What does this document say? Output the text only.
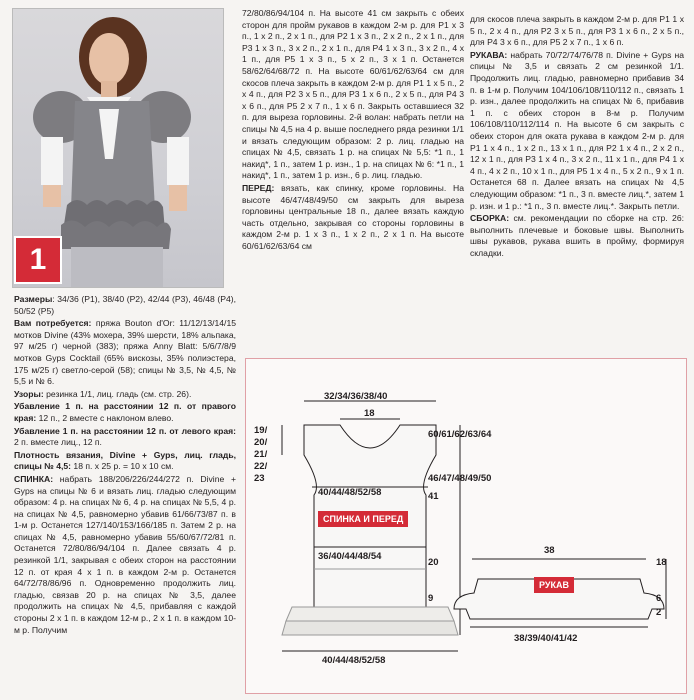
1

Размеры: 34/36 (P1), 38/40 (P2), 42/44 (P3), 46/48 (P4), 50/52 (P5)

Вам потребуется: пряжа Bouton d'Or: 11/12/13/14/15 мотков Divine (43% мохера, 39% шерсти, 18% альпака, 97 м/25 г) черной (383); пряжа Anny Blatt: 5/6/7/8/9 мотков Gyps Cocktail (65% вискозы, 35% полиэстера, 175 м/25 г) светло-серой (58); спицы № 3,5, № 4,5, № 5,5 и № 6.

Узоры: резинка 1/1, лиц. гладь (см. стр. 26).

Убавление 1 п. на расстоянии 12 п. от правого края: 12 п., 2 вместе с наклоном влево.

Убавление 1 п. на расстоянии 12 п. от левого края: 2 п. вместе лиц., 12 п.

Плотность вязания, Divine + Gyps, лиц. гладь, спицы № 4,5: 18 п. x 25 р. = 10 x 10 см.

СПИНКА: набрать 188/206/226/244/272 п. Divine + Gyps на спицы № 6 и вязать лиц. гладью следующим образом: 4 р. на спицах № 6, 4 р. на спицах № 5,5, 4 р. на спицах № 4,5, равномерно убавив 61/66/73/87 п. в 1-м р. Останется 127/140/153/166/185 п. Затем 2 р. на спицах № 4,5, равномерно убавив 55/60/67/72/81 п. Останется 72/80/86/94/104 п. Далее связать 4 р. резинкой 1/1, закрывая с обеих сторон на расстоянии 12 п. от края 4 x 1 п. в каждом 2-м р. Останется 64/72/78/86/96 п. Одновременно продолжить лиц. гладью, связав 20 р. на спицах № 3,5, далее продолжить на спицах № 4,5, прибавляя с каждой стороны 2 x 1 п. в каждом 12-м р., 2 x 1 п. в каждом 10-м р. Получим

72/80/86/94/104 п. На высоте 41 см закрыть с обеих сторон для пройм рукавов в каждом 2-м р. для P1 x 3 п., 1 x 2 п., 2 x 1 п., для P2 1 x 3 п., 2 x 2 п., 2 x 1 п., для P3 1 x 3 п., 3 x 2 п., 2 x 1 п., для P4 1 x 3 п., 3 x 2 п., 4 x 1 п., для P5 1 x 3 п., 5 x 2 п., 3 x 1 п. Останется 58/62/64/68/72 п. На высоте 60/61/62/63/64 см для скосов плеча закрыть в каждом 2-м р. для P1 1 x 5 п., 2 x 4 п., для P2 3 x 5 п., для P3 1 x 6 п., 2 x 5 п., для P4 3 x 6 п., для P5 2 x 7 п., 1 x 6 п. Закрыть оставшиеся 32 п. для выреза горловины. 2-й волан: набрать петли на спицы № 4,5 на 4 р. выше последнего ряда резинки 1/1 и вязать следующим образом: 2 р. лиц. гладью на спицах № 4,5, связать 1 р. на спицах № 5,5: *1 п., 1 накид*, 1 п., затем 1 р. изн., 1 р. на спицах № 6: *1 п., 1 накид*, 1 п., затем 1 р. изн., 6 р. лиц. гладью.

ПЕРЕД: вязать, как спинку, кроме горловины. На высоте 46/47/48/49/50 см закрыть для выреза горловины центральные 18 п., далее вязать каждую часть отдельно, закрывая со стороны горловины в каждом 2-м р. 1 x 3 п., 1 x 2 п., 2 x 1 п. На высоте 60/61/62/63/64 см

для скосов плеча закрыть в каждом 2-м р. для P1 1 x 5 п., 2 x 4 п., для P2 3 x 5 п., для P3 1 x 6 п., 2 x 5 п., для P4 3 x 6 п., для P5 2 x 7 п., 1 x 6 п.

РУКАВА: набрать 70/72/74/76/78 п. Divine + Gyps на спицы № 3,5 и связать 2 см резинкой 1/1. Продолжить лиц. гладью, равномерно прибавив 34 п. в 1-м р. Получим 104/106/108/110/112 п., связать 1 р. изн., далее продолжить на спицах № 6, прибавив 1 п. с обеих сторон в 8-м р. Получим 106/108/110/112/114 п. На высоте 6 см закрыть с обеих сторон для оката рукава в каждом 2-м р. для P1 1 x 4 п., 1 x 2 п., 13 x 1 п., для P2 1 x 4 п., 2 x 2 п., 12 x 1 п., для P3 1 x 4 п., 3 x 2 п., 11 x 1 п., для P4 1 x 4 п., 4 x 2 п., 10 x 1 п., для P5 1 x 4 п., 5 x 2 п., 9 x 1 п. Останется 68 п. Далее вязать на спицах № 4,5 следующим образом: *1 п., 3 п. вместе лиц.*, затем 1 р. изн. и 1 р.: *1 п., 3 п. вместе лиц.*. Закрыть петли.

СБОРКА: см. рекомендации по сборке на стр. 26: выполнить плечевые и боковые швы. Выполнить швы рукавов, рукава вшить в пройму, формируя складки.

32/34/36/38/40
18
19/ 20/ 21/ 22/ 23
60/61/62/63/64
46/47/48/49/50
40/44/48/52/58	41
36/40/44/48/54
20
9
40/44/48/52/58
38
18
6
2
38/39/40/41/42
СПИНКА И ПЕРЕД
РУКАВ
